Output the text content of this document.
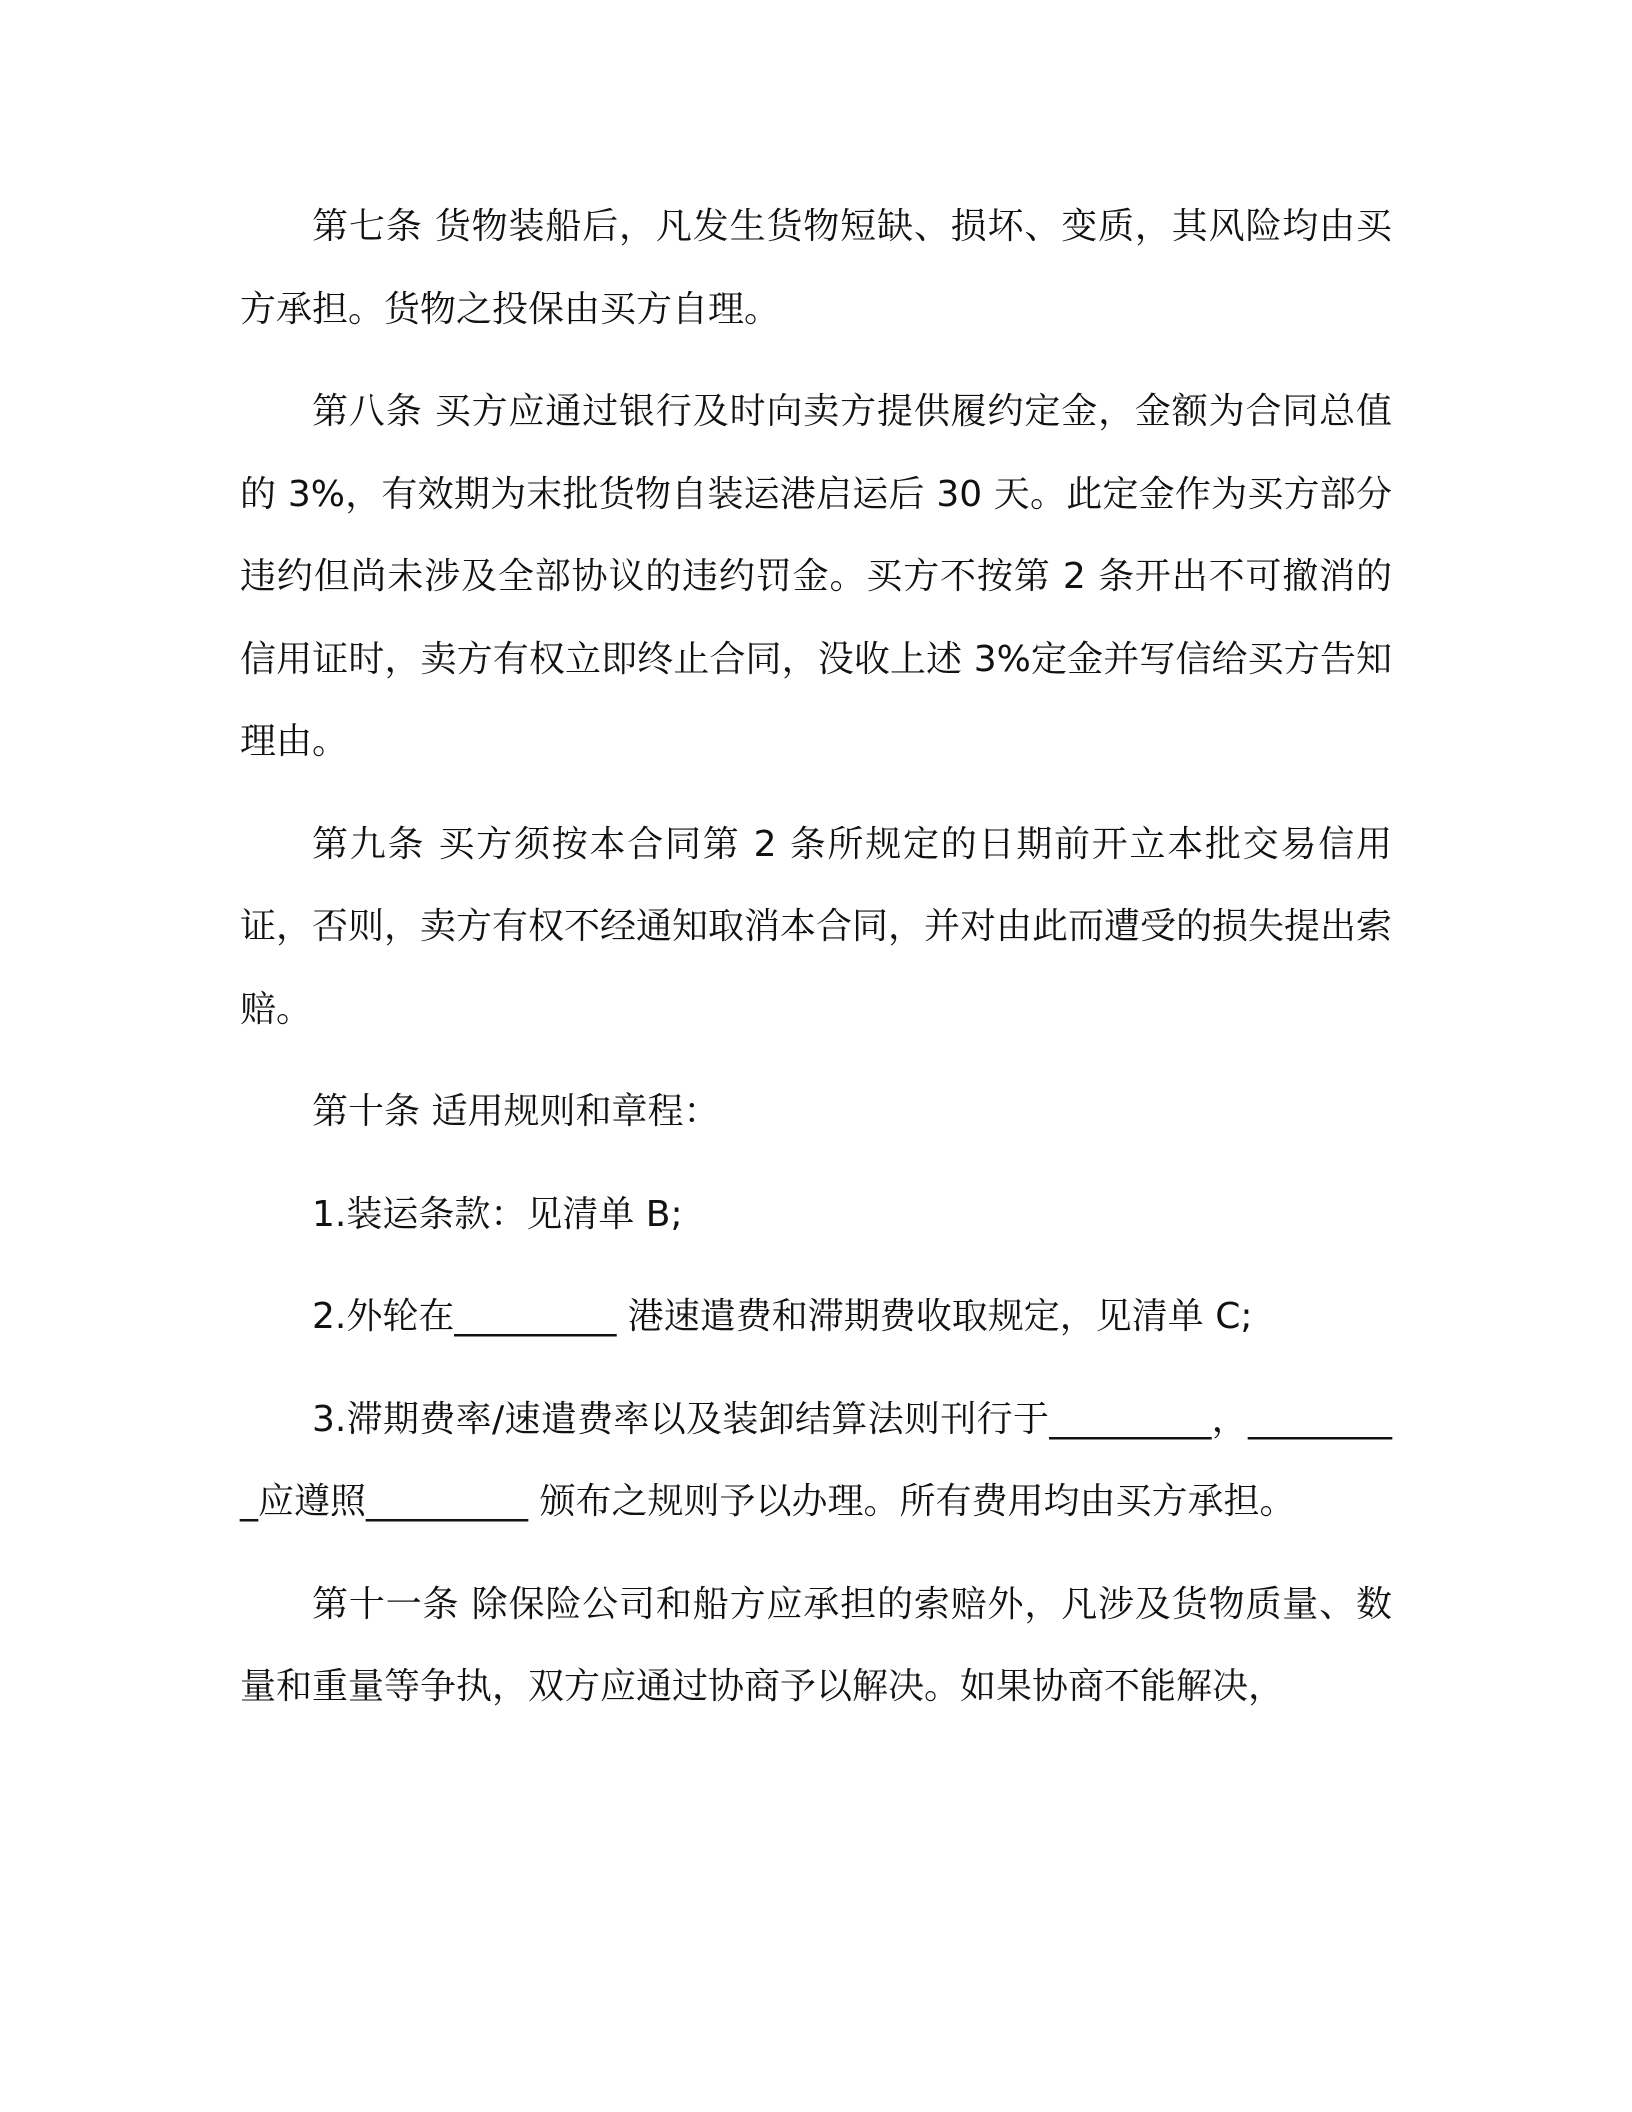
第七条 货物装船后，凡发生货物短缺、损坏、变质，其风险均由买方承担。货物之投保由买方自理。

第八条 买方应通过银行及时向卖方提供履约定金，金额为合同总值的 3%，有效期为末批货物自装运港启运后 30 天。此定金作为买方部分违约但尚未涉及全部协议的违约罚金。买方不按第 2 条开出不可撤消的信用证时，卖方有权立即终止合同，没收上述 3%定金并写信给买方告知理由。

第九条 买方须按本合同第 2 条所规定的日期前开立本批交易信用证，否则，卖方有权不经通知取消本合同，并对由此而遭受的损失提出索赔。

第十条 适用规则和章程：

1.装运条款：见清单 B;

2.外轮在_________ 港速遣费和滞期费收取规定，见清单 C;

3.滞期费率/速遣费率以及装卸结算法则刊行于_________，_________应遵照_________ 颁布之规则予以办理。所有费用均由买方承担。

第十一条 除保险公司和船方应承担的索赔外，凡涉及货物质量、数量和重量等争执，双方应通过协商予以解决。如果协商不能解决，
